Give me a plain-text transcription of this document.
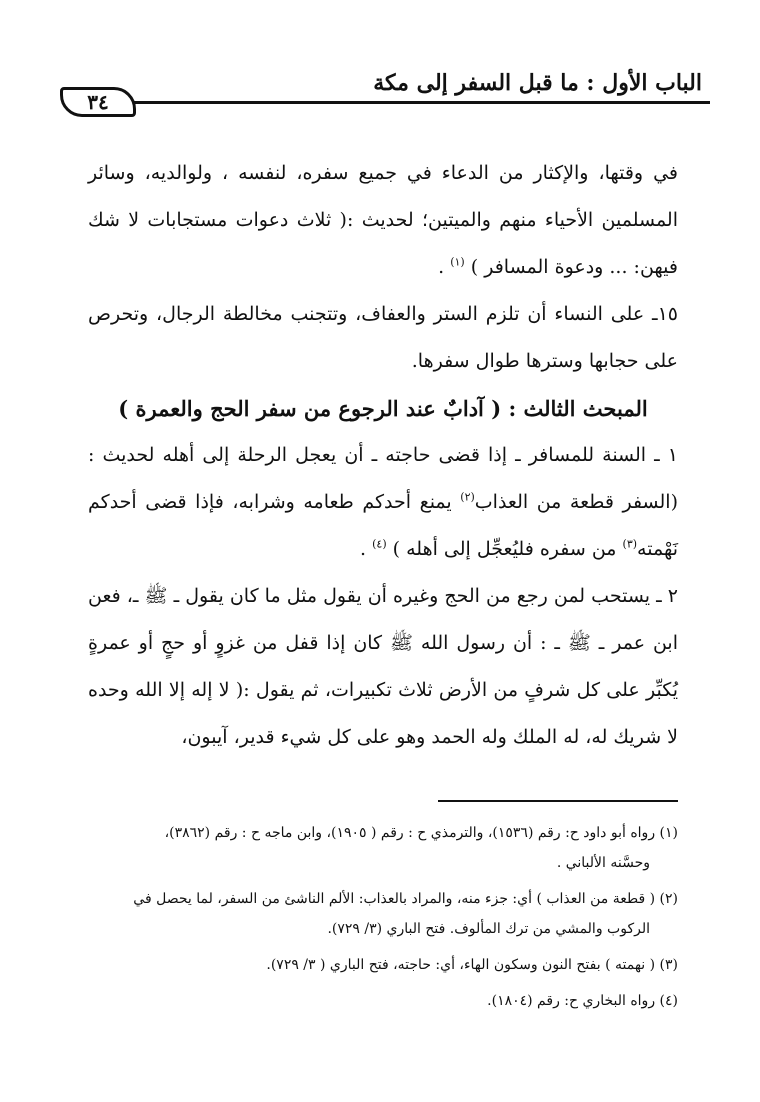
الباب الأول : ما قبل السفر إلى مكة
٣٤

في وقتها، والإكثار من الدعاء في جميع سفره، لنفسه ، ولوالديه، وسائر المسلمين الأحياء منهم والميتين؛ لحديث :( ثلاث دعوات مستجابات لا شك فيهن: ... ودعوة المسافر ) $^{(١)}$ .

١٥ـ على النساء أن تلزم الستر والعفاف، وتتجنب مخالطة الرجال، وتحرص على حجابها وسترها طوال سفرها.

المبحث الثالث : ( آدابٌ عند الرجوع من سفر الحج والعمرة )

١ ـ السنة للمسافر ـ إذا قضى حاجته ـ أن يعجل الرحلة إلى أهله لحديث : (السفر قطعة من العذاب$^{(٢)}$ يمنع أحدكم طعامه وشرابه، فإذا قضى أحدكم نَهْمته$^{(٣)}$ من سفره فليُعجِّل إلى أهله ) $^{(٤)}$ .

٢ ـ يستحب لمن رجع من الحج وغيره أن يقول مثل ما كان يقول ـ ﷺ ـ، فعن ابن عمر ـ ﷺ ـ : أن رسول الله ﷺ كان إذا قفل من غزوٍ أو حجٍ أو عمرةٍ يُكبِّر على كل شرفٍ من الأرض ثلاث تكبيرات، ثم يقول :( لا إله إلا الله وحده لا شريك له، له الملك وله الحمد وهو على كل شيء قدير، آيبون،

(١) رواه أبو داود ح: رقم (١٥٣٦)، والترمذي ح : رقم ( ١٩٠٥)، وابن ماجه ح : رقم (٣٨٦٢)،
وحسَّنه الألباني .

(٢) ( قطعة من العذاب ) أي: جزء منه، والمراد بالعذاب: الألم الناشئ من السفر، لما يحصل في
الركوب والمشي من ترك المألوف. فتح الباري (٣/ ٧٢٩).

(٣) ( نهمته ) بفتح النون وسكون الهاء، أي: حاجته، فتح الباري ( ٣/ ٧٢٩).

(٤) رواه البخاري ح: رقم (١٨٠٤).
